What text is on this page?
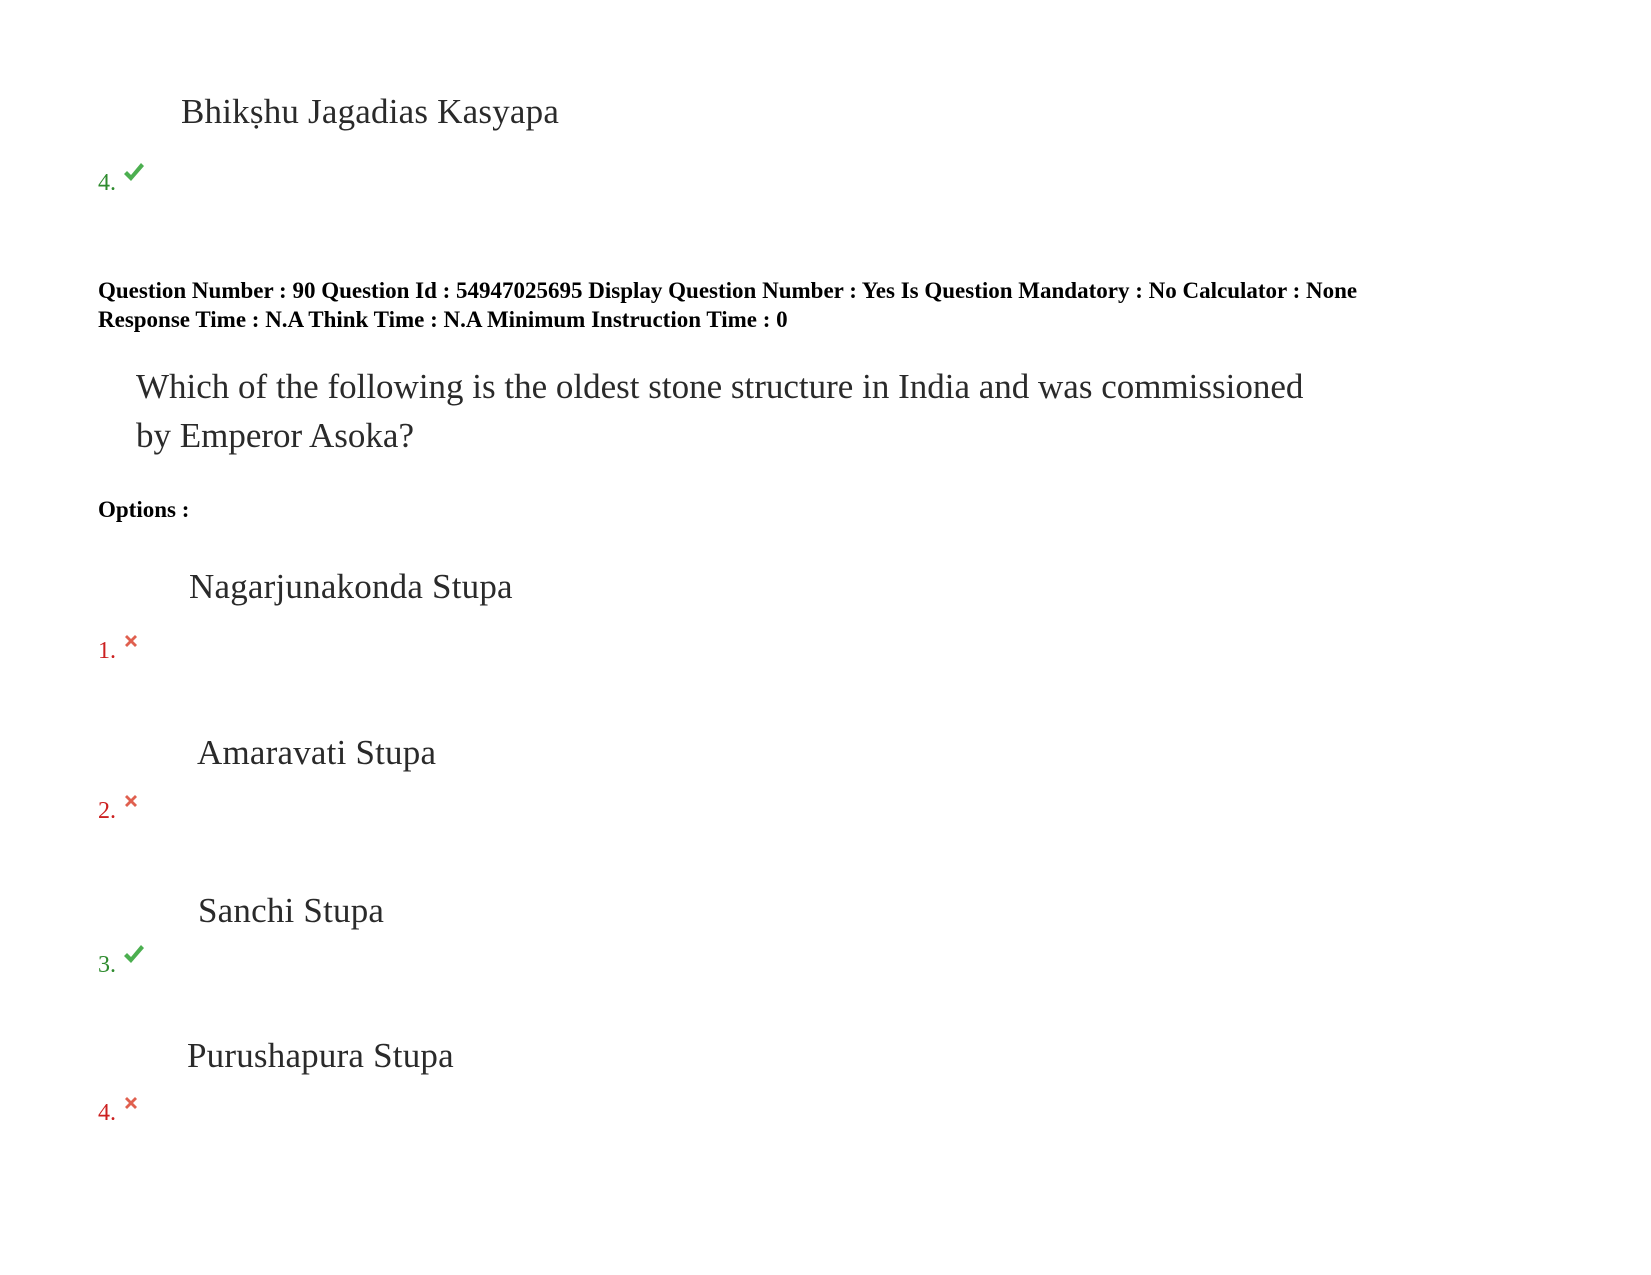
Bhikṣhu Jagadias Kasyapa
4.
Question Number : 90 Question Id : 54947025695 Display Question Number : Yes Is Question Mandatory : No Calculator : None
Response Time : N.A Think Time : N.A Minimum Instruction Time : 0
Which of the following is the oldest stone structure in India and was commissioned
by Emperor Asoka?
Options :
Nagarjunakonda Stupa
1.
Amaravati Stupa
2.
Sanchi Stupa
3.
Purushapura Stupa
4.
